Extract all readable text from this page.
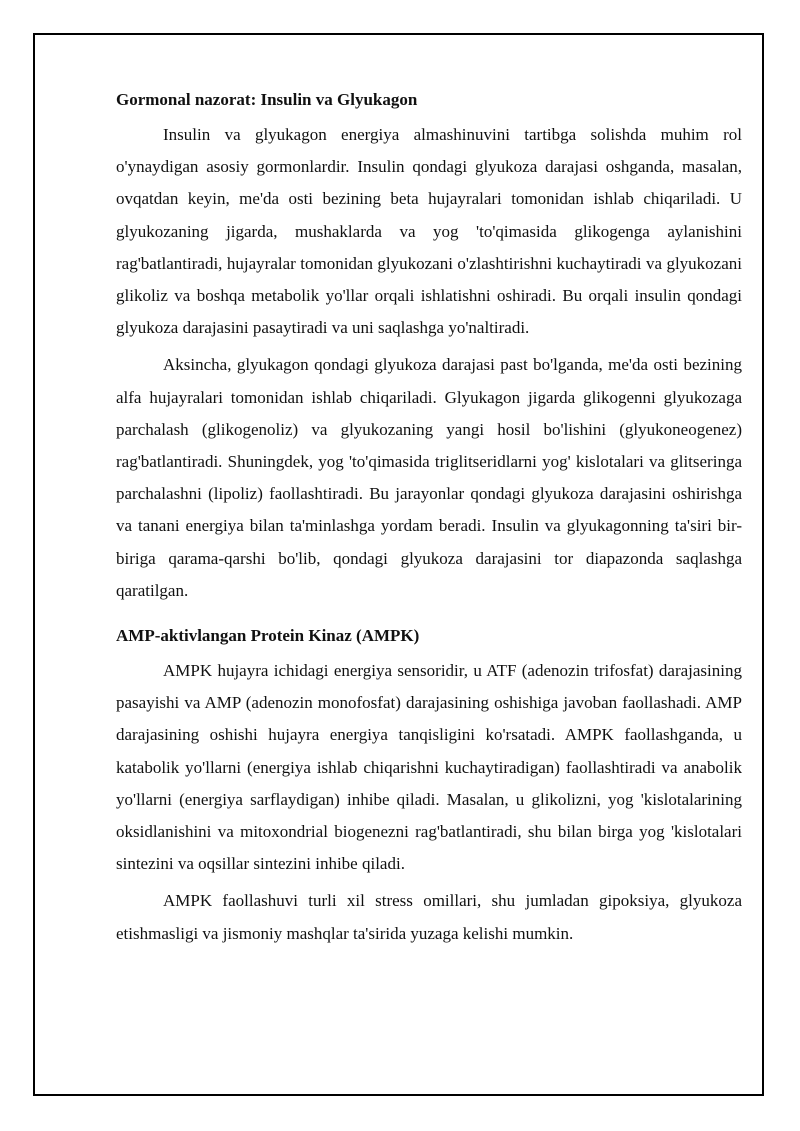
Gormonal nazorat: Insulin va Glyukagon

Insulin va glyukagon energiya almashinuvini tartibga solishda muhim rol o'ynaydigan asosiy gormonlardir. Insulin qondagi glyukoza darajasi oshganda, masalan, ovqatdan keyin, me'da osti bezining beta hujayralari tomonidan ishlab chiqariladi. U glyukozaning jigarda, mushaklarda va yog 'to'qimasida glikogenga aylanishini rag'batlantiradi, hujayralar tomonidan glyukozani o'zlashtirishni kuchaytiradi va glyukozani glikoliz va boshqa metabolik yo'llar orqali ishlatishni oshiradi. Bu orqali insulin qondagi glyukoza darajasini pasaytiradi va uni saqlashga yo'naltiradi.

Aksincha, glyukagon qondagi glyukoza darajasi past bo'lganda, me'da osti bezining alfa hujayralari tomonidan ishlab chiqariladi. Glyukagon jigarda glikogenni glyukozaga parchalash (glikogenoliz) va glyukozaning yangi hosil bo'lishini (glyukoneogenez) rag'batlantiradi. Shuningdek, yog 'to'qimasida triglitseridlarni yog' kislotalari va glitseringa parchalashni (lipoliz) faollashtiradi. Bu jarayonlar qondagi glyukoza darajasini oshirishga va tanani energiya bilan ta'minlashga yordam beradi. Insulin va glyukagonning ta'siri bir-biriga qarama-qarshi bo'lib, qondagi glyukoza darajasini tor diapazonda saqlashga qaratilgan.

AMP-aktivlangan Protein Kinaz (AMPK)

AMPK hujayra ichidagi energiya sensoridir, u ATF (adenozin trifosfat) darajasining pasayishi va AMP (adenozin monofosfat) darajasining oshishiga javoban faollashadi. AMP darajasining oshishi hujayra energiya tanqisligini ko'rsatadi. AMPK faollashganda, u katabolik yo'llarni (energiya ishlab chiqarishni kuchaytiradigan) faollashtiradi va anabolik yo'llarni (energiya sarflaydigan) inhibe qiladi. Masalan, u glikolizni, yog 'kislotalarining oksidlanishini va mitoxondrial biogenezni rag'batlantiradi, shu bilan birga yog 'kislotalari sintezini va oqsillar sintezini inhibe qiladi.

AMPK faollashuvi turli xil stress omillari, shu jumladan gipoksiya, glyukoza etishmasligi va jismoniy mashqlar ta'sirida yuzaga kelishi mumkin.
